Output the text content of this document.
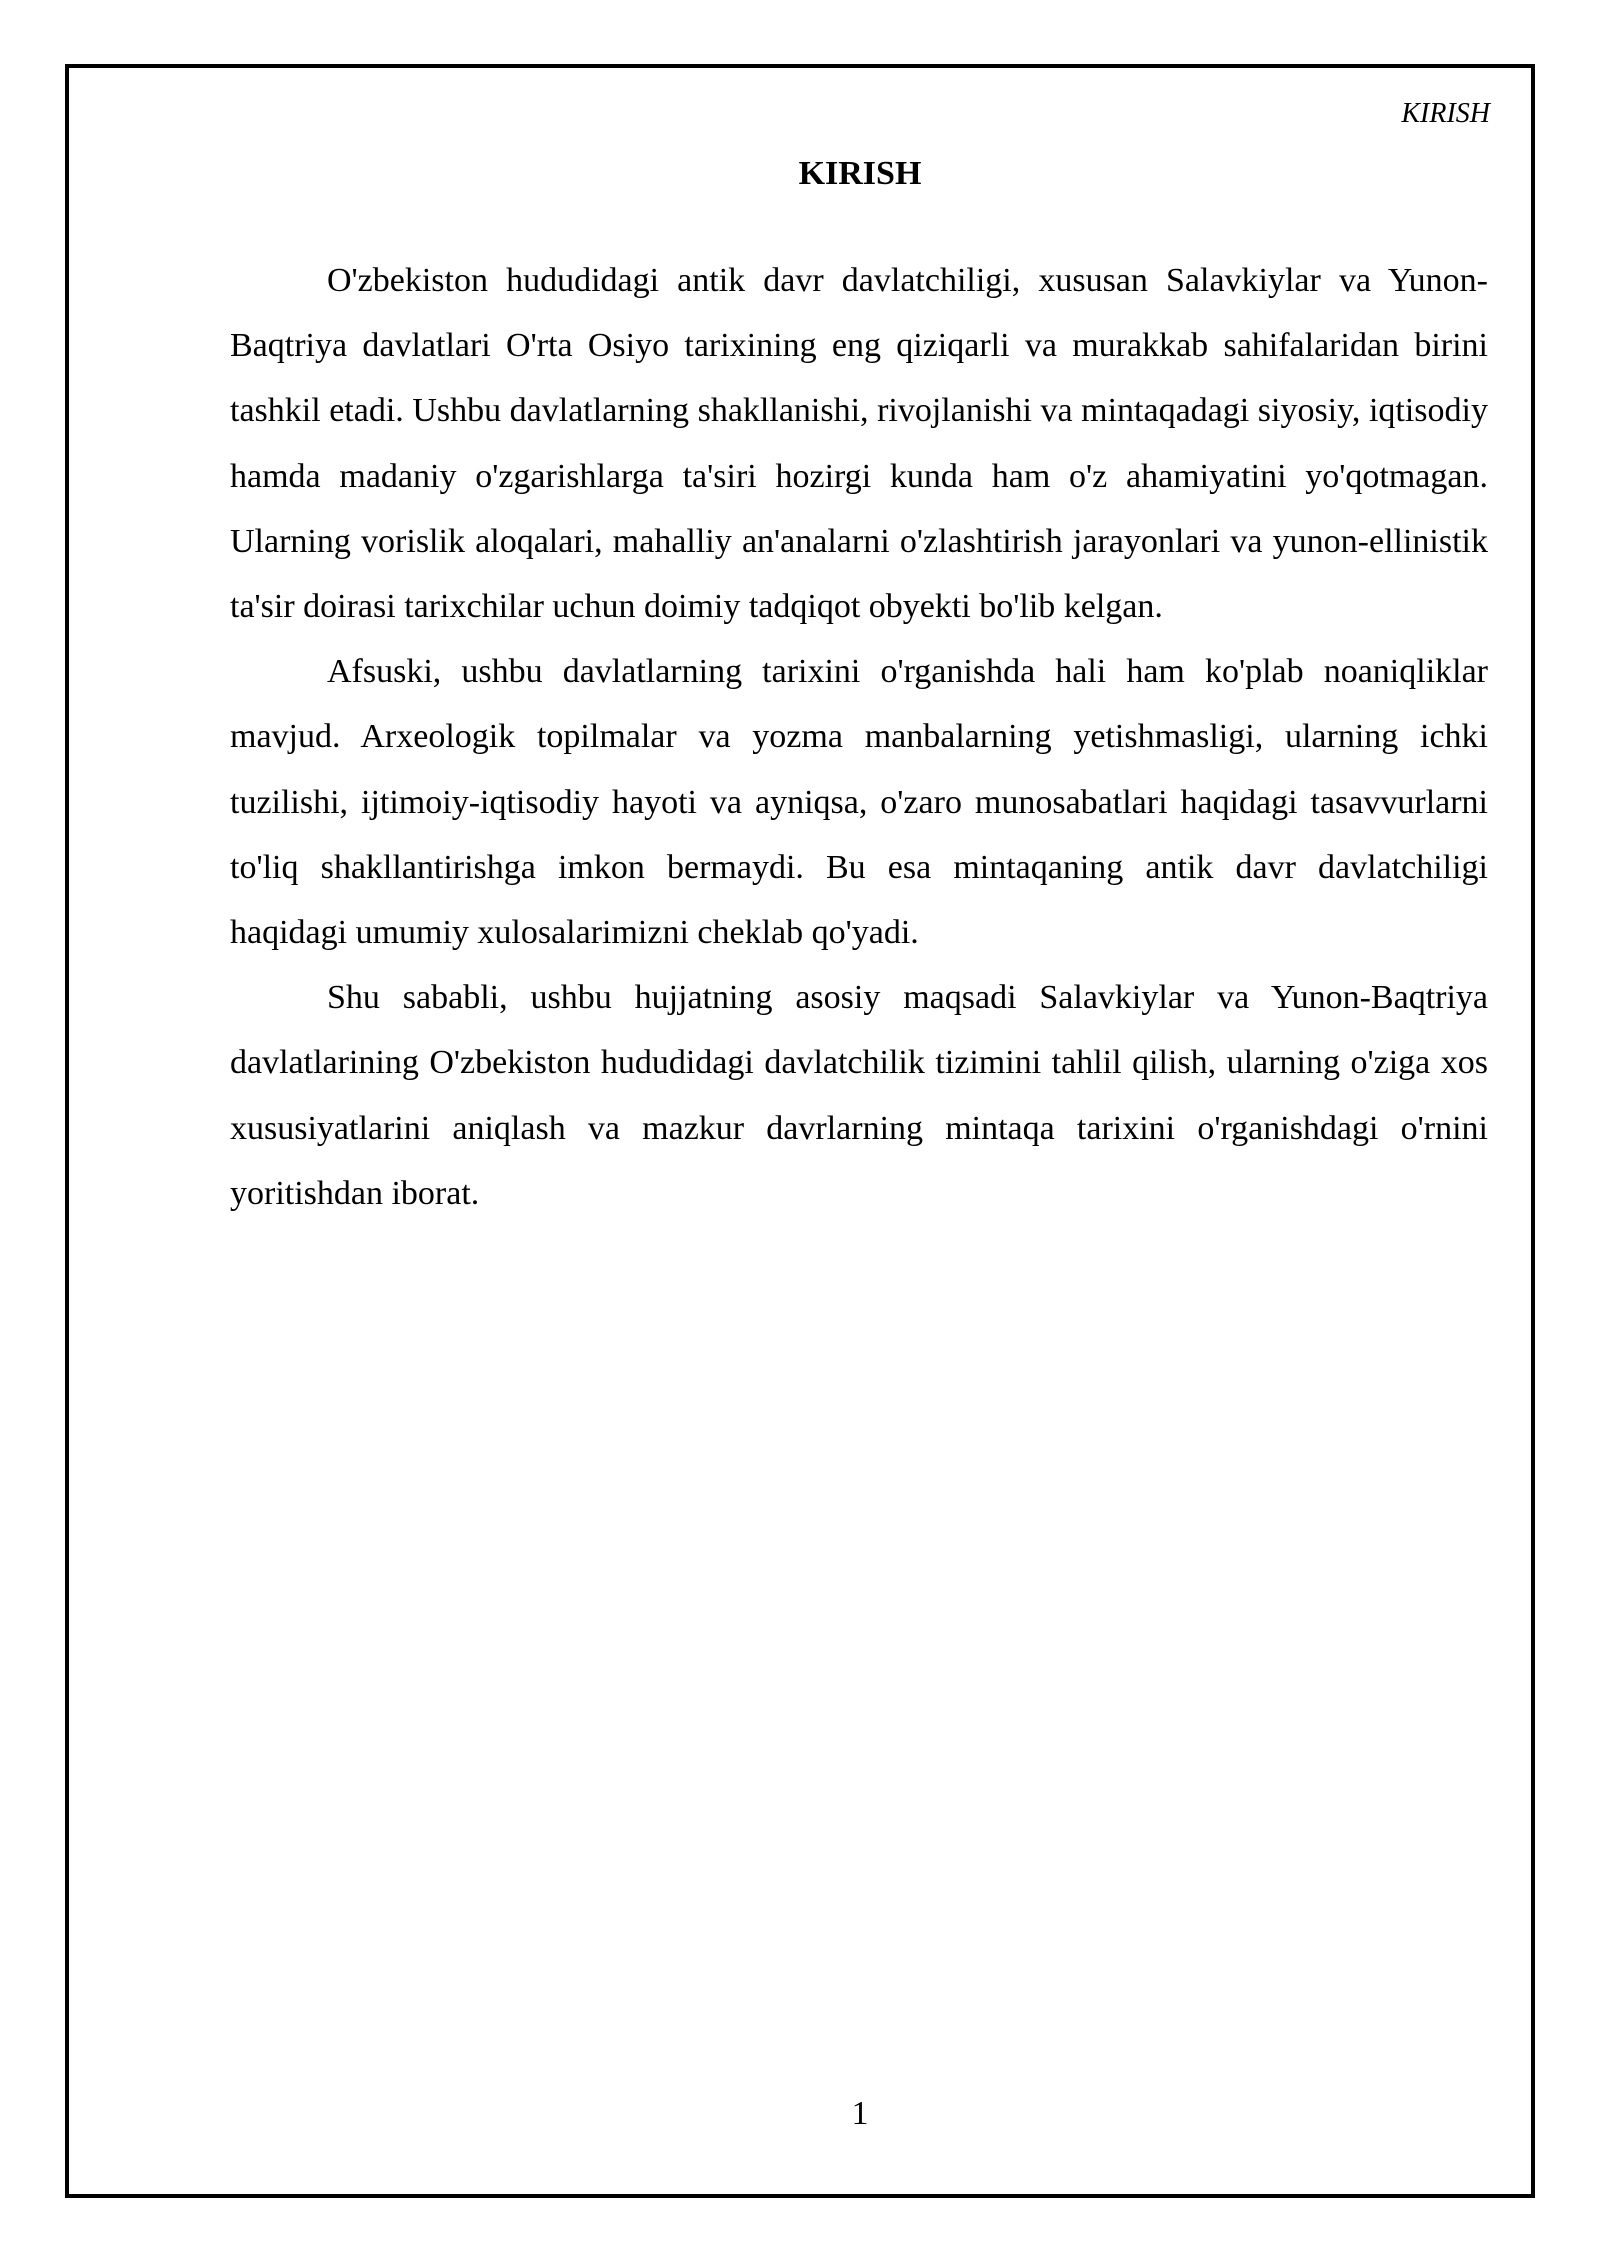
KIRISH
KIRISH

O'zbekiston hududidagi antik davr davlatchiligi, xususan Salavkiylar va Yunon-Baqtriya davlatlari O'rta Osiyo tarixining eng qiziqarli va murakkab sahifalaridan birini tashkil etadi. Ushbu davlatlarning shakllanishi, rivojlanishi va mintaqadagi siyosiy, iqtisodiy hamda madaniy o'zgarishlarga ta'siri hozirgi kunda ham o'z ahamiyatini yo'qotmagan. Ularning vorislik aloqalari, mahalliy an'analarni o'zlashtirish jarayonlari va yunon-ellinistik ta'sir doirasi tarixchilar uchun doimiy tadqiqot obyekti bo'lib kelgan.

Afsuski, ushbu davlatlarning tarixini o'rganishda hali ham ko'plab noaniqliklar mavjud. Arxeologik topilmalar va yozma manbalarning yetishmasligi, ularning ichki tuzilishi, ijtimoiy-iqtisodiy hayoti va ayniqsa, o'zaro munosabatlari haqidagi tasavvurlarni to'liq shakllantirishga imkon bermaydi. Bu esa mintaqaning antik davr davlatchiligi haqidagi umumiy xulosalarimizni cheklab qo'yadi.

Shu sababli, ushbu hujjatning asosiy maqsadi Salavkiylar va Yunon-Baqtriya davlatlarining O'zbekiston hududidagi davlatchilik tizimini tahlil qilish, ularning o'ziga xos xususiyatlarini aniqlash va mazkur davrlarning mintaqa tarixini o'rganishdagi o'rnini yoritishdan iborat.

1
